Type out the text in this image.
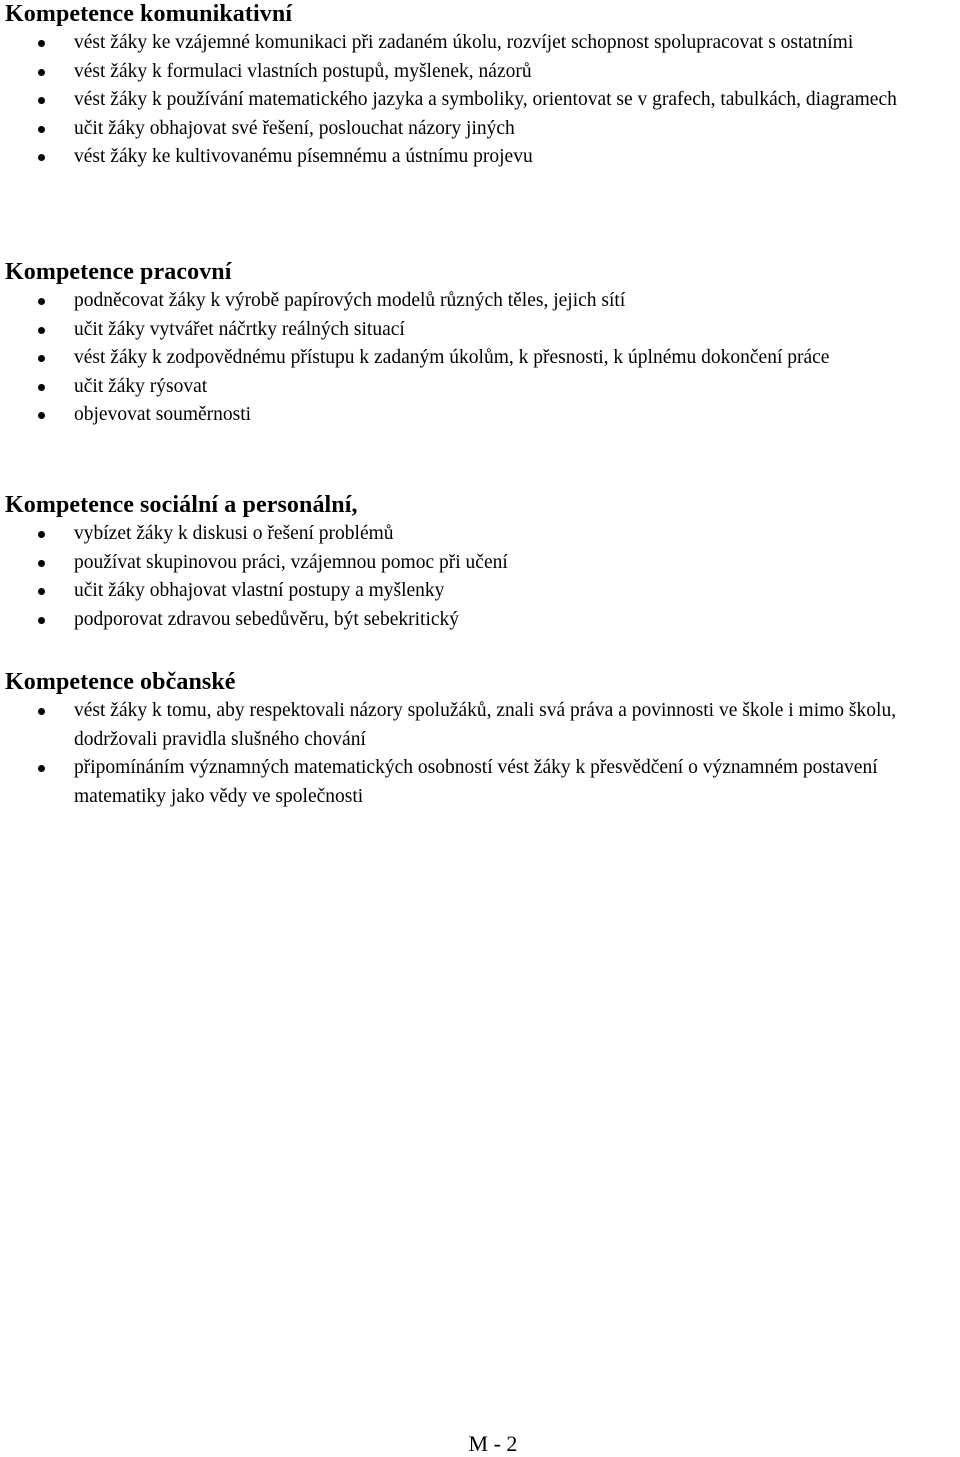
Kompetence komunikativní
vést žáky ke vzájemné komunikaci při zadaném úkolu, rozvíjet schopnost spolupracovat s ostatními
vést žáky k formulaci vlastních postupů, myšlenek, názorů
vést žáky k používání matematického jazyka a symboliky, orientovat se v grafech, tabulkách, diagramech
učit žáky obhajovat své řešení, poslouchat názory jiných
vést žáky ke kultivovanému písemnému a ústnímu projevu
Kompetence pracovní
podněcovat žáky k výrobě papírových modelů různých těles, jejich sítí
učit žáky vytvářet náčrtky reálných situací
vést žáky k zodpovědnému přístupu k zadaným úkolům, k přesnosti, k úplnému dokončení práce
učit žáky rýsovat
objevovat souměrnosti
Kompetence sociální a personální,
vybízet žáky k diskusi o řešení problémů
používat skupinovou práci, vzájemnou pomoc při učení
učit žáky obhajovat vlastní postupy a myšlenky
podporovat zdravou sebedůvěru, být sebekritický
Kompetence občanské
vést žáky k tomu, aby respektovali názory spolužáků, znali svá práva a povinnosti ve škole i mimo školu, dodržovali pravidla slušného chování
připomínáním významných matematických osobností vést žáky k přesvědčení o významném postavení matematiky jako vědy ve společnosti
M - 2
